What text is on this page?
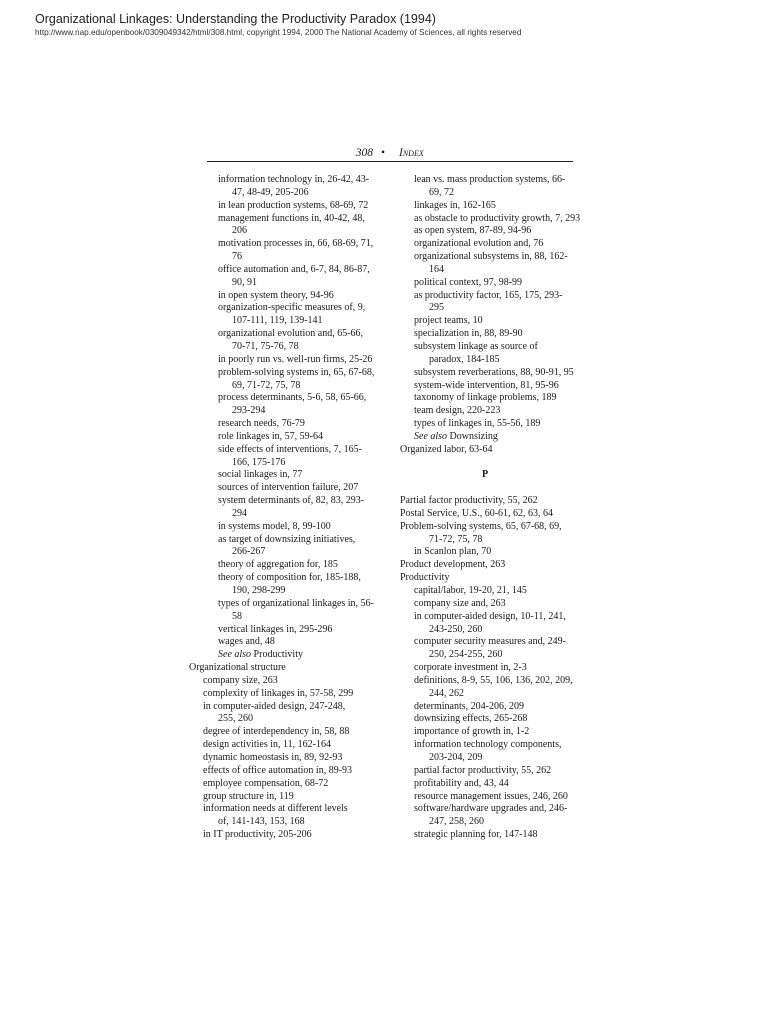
Organizational Linkages: Understanding the Productivity Paradox (1994)
http://www.nap.edu/openbook/0309049342/html/308.html, copyright 1994, 2000 The National Academy of Sciences, all rights reserved
308 • Index
information technology in, 26-42, 43-
47, 48-49, 205-206
in lean production systems, 68-69, 72
management functions in, 40-42, 48,
206
motivation processes in, 66, 68-69, 71,
76
office automation and, 6-7, 84, 86-87,
90, 91
in open system theory, 94-96
organization-specific measures of, 9,
107-111, 119, 139-141
organizational evolution and, 65-66,
70-71, 75-76, 78
in poorly run vs. well-run firms, 25-26
problem-solving systems in, 65, 67-68,
69, 71-72, 75, 78
process determinants, 5-6, 58, 65-66,
293-294
research needs, 76-79
role linkages in, 57, 59-64
side effects of interventions, 7, 165-
166, 175-176
social linkages in, 77
sources of intervention failure, 207
system determinants of, 82, 83, 293-
294
in systems model, 8, 99-100
as target of downsizing initiatives,
266-267
theory of aggregation for, 185
theory of composition for, 185-188,
190, 298-299
types of organizational linkages in, 56-
58
vertical linkages in, 295-296
wages and, 48
See also Productivity
Organizational structure
company size, 263
complexity of linkages in, 57-58, 299
in computer-aided design, 247-248,
255, 260
degree of interdependency in, 58, 88
design activities in, 11, 162-164
dynamic homeostasis in, 89, 92-93
effects of office automation in, 89-93
employee compensation, 68-72
group structure in, 119
information needs at different levels
of, 141-143, 153, 168
in IT productivity, 205-206
lean vs. mass production systems, 66-
69, 72
linkages in, 162-165
as obstacle to productivity growth, 7, 293
as open system, 87-89, 94-96
organizational evolution and, 76
organizational subsystems in, 88, 162-
164
political context, 97, 98-99
as productivity factor, 165, 175, 293-
295
project teams, 10
specialization in, 88, 89-90
subsystem linkage as source of
paradox, 184-185
subsystem reverberations, 88, 90-91, 95
system-wide intervention, 81, 95-96
taxonomy of linkage problems, 189
team design, 220-223
types of linkages in, 55-56, 189
See also Downsizing
Organized labor, 63-64
P
Partial factor productivity, 55, 262
Postal Service, U.S., 60-61, 62, 63, 64
Problem-solving systems, 65, 67-68, 69,
71-72, 75, 78
in Scanlon plan, 70
Product development, 263
Productivity
capital/labor, 19-20, 21, 145
company size and, 263
in computer-aided design, 10-11, 241,
243-250, 260
computer security measures and, 249-
250, 254-255, 260
corporate investment in, 2-3
definitions, 8-9, 55, 106, 136, 202, 209,
244, 262
determinants, 204-206, 209
downsizing effects, 265-268
importance of growth in, 1-2
information technology components,
203-204, 209
partial factor productivity, 55, 262
profitability and, 43, 44
resource management issues, 246, 260
software/hardware upgrades and, 246-
247, 258, 260
strategic planning for, 147-148
